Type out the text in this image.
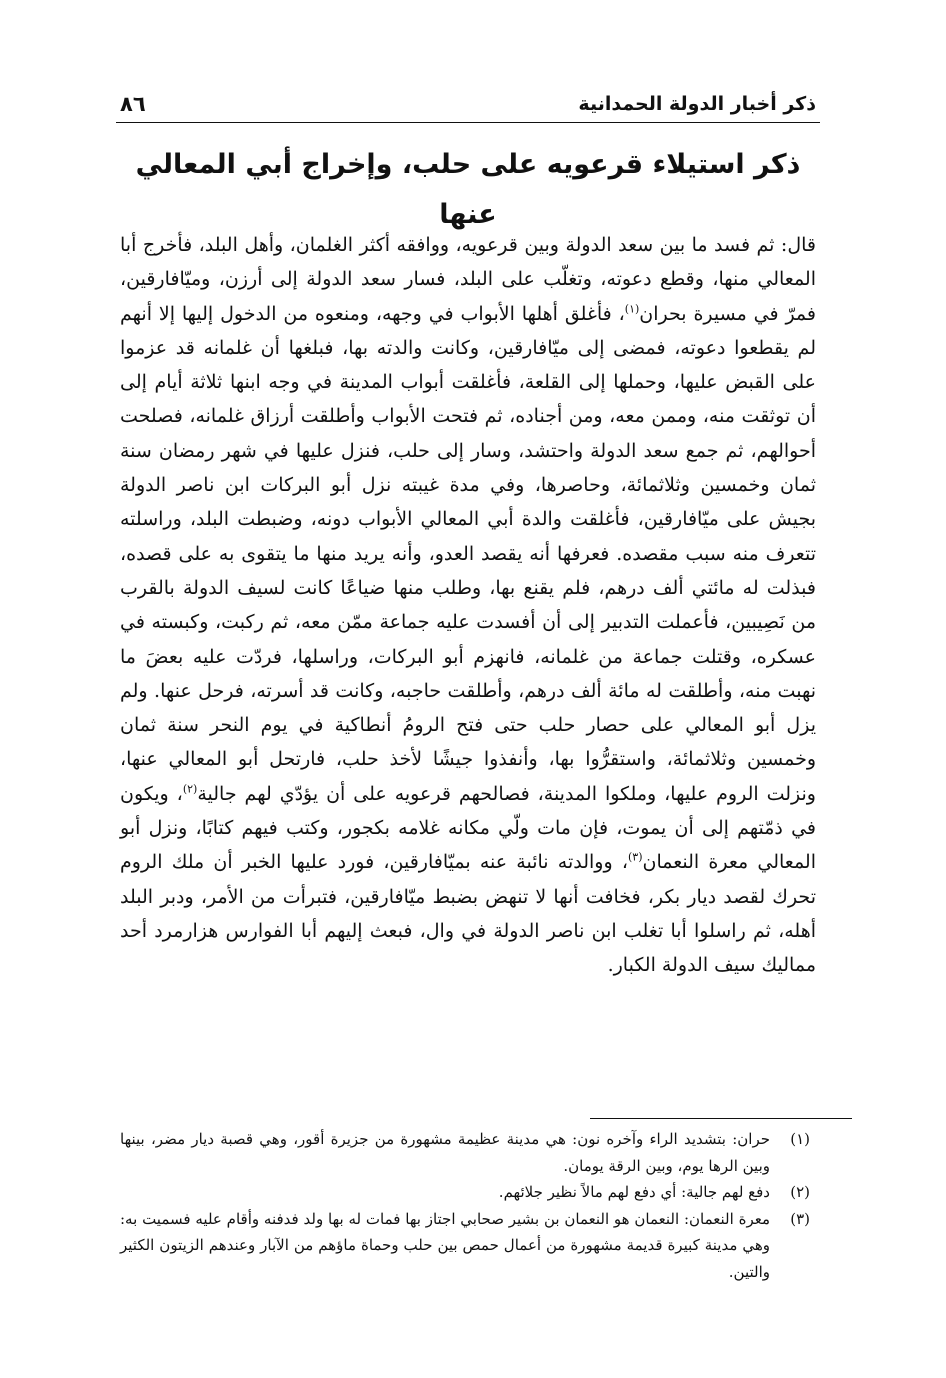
ذكر أخبار الدولة الحمدانية
٨٦
ذكر استيلاء قرعويه على حلب، وإخراج أبي المعالي عنها

قال: ثم فسد ما بين سعد الدولة وبين قرعويه، ووافقه أكثر الغلمان، وأهل البلد، فأخرج أبا المعالي منها، وقطع دعوته، وتغلّب على البلد، فسار سعد الدولة إلى أرزن، وميّافارقين، فمرّ في مسيرة بحران$^{(١)}$، فأغلق أهلها الأبواب في وجهه، ومنعوه من الدخول إليها إلا أنهم لم يقطعوا دعوته، فمضى إلى ميّافارقين، وكانت والدته بها، فبلغها أن غلمانه قد عزموا على القبض عليها، وحملها إلى القلعة، فأغلقت أبواب المدينة في وجه ابنها ثلاثة أيام إلى أن توثقت منه، وممن معه، ومن أجناده، ثم فتحت الأبواب وأطلقت أرزاق غلمانه، فصلحت أحوالهم، ثم جمع سعد الدولة واحتشد، وسار إلى حلب، فنزل عليها في شهر رمضان سنة ثمان وخمسين وثلاثمائة، وحاصرها، وفي مدة غيبته نزل أبو البركات ابن ناصر الدولة بجيش على ميّافارقين، فأغلقت والدة أبي المعالي الأبواب دونه، وضبطت البلد، وراسلته تتعرف منه سبب مقصده. فعرفها أنه يقصد العدو، وأنه يريد منها ما يتقوى به على قصده، فبذلت له مائتي ألف درهم، فلم يقنع بها، وطلب منها ضياعًا كانت لسيف الدولة بالقرب من نَصِيبين، فأعملت التدبير إلى أن أفسدت عليه جماعة ممّن معه، ثم ركبت، وكبسته في عسكره، وقتلت جماعة من غلمانه، فانهزم أبو البركات، وراسلها، فردّت عليه بعضَ ما نهبت منه، وأطلقت له مائة ألف درهم، وأطلقت حاجبه، وكانت قد أسرته، فرحل عنها. ولم يزل أبو المعالي على حصار حلب حتى فتح الرومُ أنطاكية في يوم النحر سنة ثمان وخمسين وثلاثمائة، واستقرُّوا بها، وأنفذوا جيشًا لأخذ حلب، فارتحل أبو المعالي عنها، ونزلت الروم عليها، وملكوا المدينة، فصالحهم قرعويه على أن يؤدّي لهم جالية$^{(٢)}$، ويكون في ذمّتهم إلى أن يموت، فإن مات ولّي مكانه غلامه بكجور، وكتب فيهم كتابًا، ونزل أبو المعالي معرة النعمان$^{(٣)}$، ووالدته نائبة عنه بميّافارقين، فورد عليها الخبر أن ملك الروم تحرك لقصد ديار بكر، فخافت أنها لا تنهض بضبط ميّافارقين، فتبرأت من الأمر، ودبر البلد أهله، ثم راسلوا أبا تغلب ابن ناصر الدولة في وال، فبعث إليهم أبا الفوارس هزارمرد أحد مماليك سيف الدولة الكبار.

(١)
حران: بتشديد الراء وآخره نون: هي مدينة عظيمة مشهورة من جزيرة أقور، وهي قصبة ديار مضر، بينها وبين الرها يوم، وبين الرقة يومان.
(٢)
دفع لهم جالية: أي دفع لهم مالاً نظير جلائهم.
(٣)
معرة النعمان: النعمان هو النعمان بن بشير صحابي اجتاز بها فمات له بها ولد فدفنه وأقام عليه فسميت به: وهي مدينة كبيرة قديمة مشهورة من أعمال حمص بين حلب وحماة ماؤهم من الآبار وعندهم الزيتون الكثير والتين.
